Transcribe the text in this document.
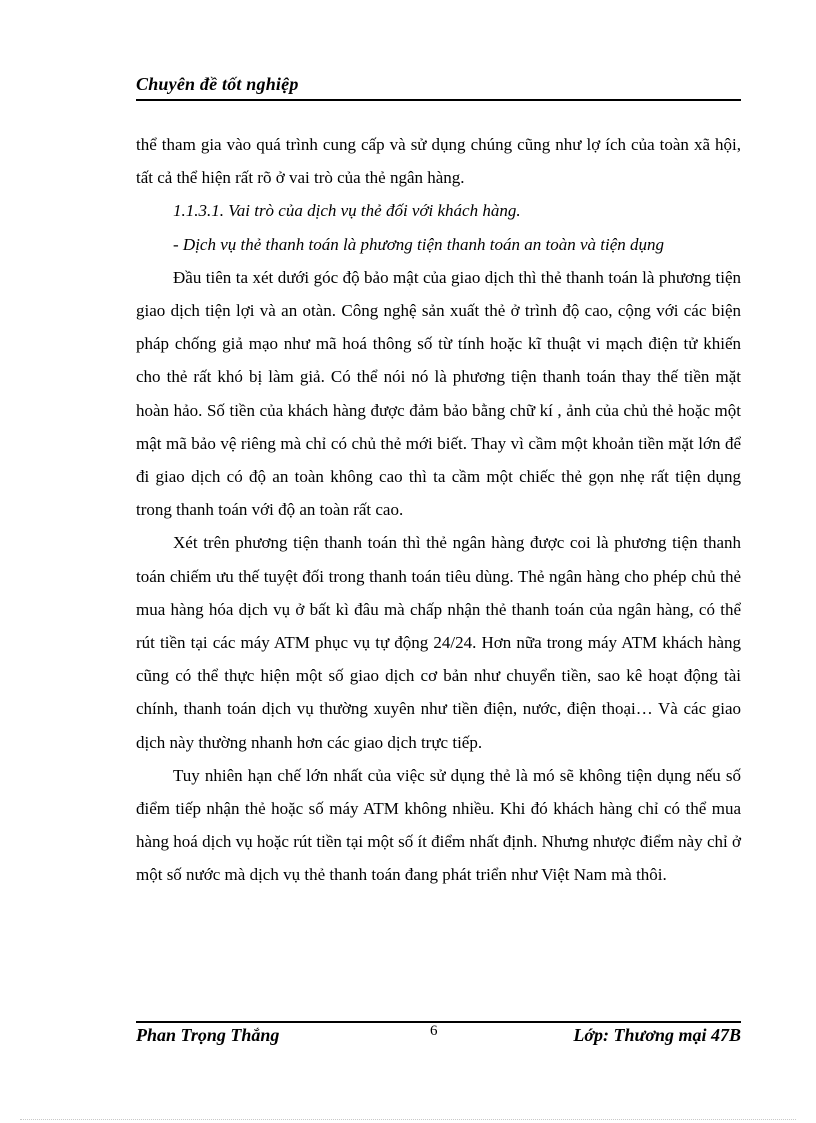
Chuyên đề tốt nghiệp

thể tham gia vào quá trình cung cấp và sử dụng chúng cũng như lợ ích của toàn xã hội, tất cả thể hiện rất rõ ở vai trò của thẻ ngân hàng.

1.1.3.1. Vai trò của dịch vụ thẻ đối với khách hàng.

- Dịch vụ thẻ thanh toán là phương tiện thanh toán an toàn và tiện dụng

Đầu tiên ta xét dưới góc độ bảo mật của giao dịch thì thẻ thanh toán là phương tiện giao dịch tiện lợi và an otàn. Công nghệ sản xuất thẻ ở trình độ cao, cộng với các biện pháp chống giả mạo như mã hoá thông số từ tính hoặc kĩ thuật vi mạch điện tử khiến cho thẻ rất khó bị làm giả. Có thể nói nó là phương tiện thanh toán thay thế tiền mặt hoàn hảo. Số tiền của khách hàng được đảm bảo bằng chữ kí , ảnh của chủ thẻ hoặc một mật mã bảo vệ riêng mà chỉ có chủ thẻ mới biết. Thay vì cầm một khoản tiền mặt lớn để đi giao dịch có độ an toàn không cao thì ta cầm một chiếc thẻ gọn nhẹ rất tiện dụng trong thanh toán với độ an toàn rất cao.

Xét trên phương tiện thanh toán thì thẻ ngân hàng được coi là phương tiện thanh toán chiếm ưu thế tuyệt đối trong thanh toán tiêu dùng. Thẻ ngân hàng cho phép chủ thẻ mua hàng hóa dịch vụ ở bất kì đâu mà chấp nhận thẻ thanh toán của ngân hàng, có thể rút tiền tại các máy ATM phục vụ tự động 24/24. Hơn nữa trong máy ATM khách hàng cũng có thể thực hiện một số giao dịch cơ bản như chuyển tiền, sao kê hoạt động tài chính, thanh toán dịch vụ thường xuyên như tiền điện, nước, điện thoại… Và các giao dịch này thường nhanh hơn các giao dịch trực tiếp.

Tuy nhiên hạn chế lớn nhất của việc sử dụng thẻ là mó sẽ không tiện dụng nếu số điểm tiếp nhận thẻ hoặc số máy ATM không nhiều. Khi đó khách hàng chỉ có thể mua hàng hoá dịch vụ hoặc rút tiền tại một số ít điểm nhất định. Nhưng nhược điểm này chỉ ở một số nước mà dịch vụ thẻ thanh toán đang phát triển như Việt Nam mà thôi.

Phan Trọng Thắng	6	Lớp: Thương mại 47B
